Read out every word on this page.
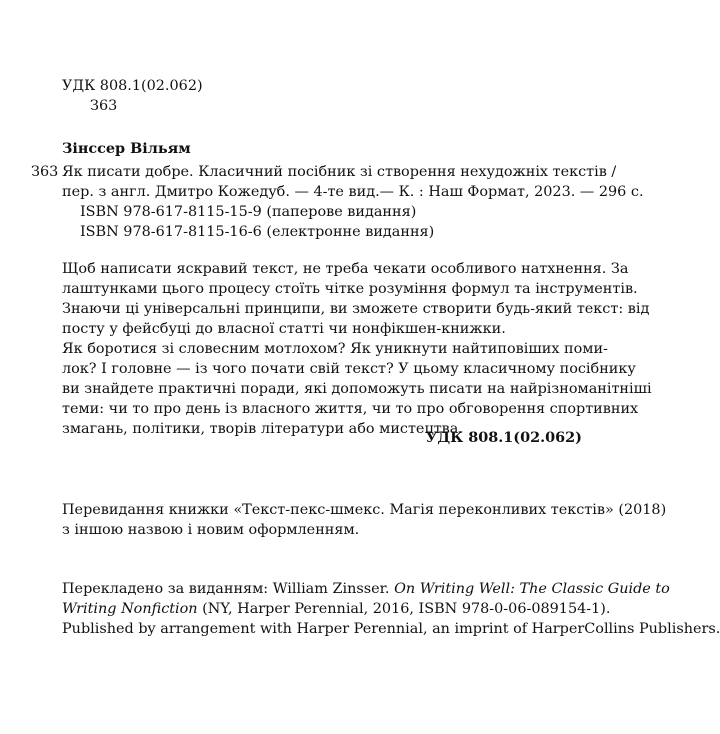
УДК 808.1(02.062)
З63
Зінссер Вільям
З63 Як писати добре. Класичний посібник зі створення нехудожніх текстів /
пер. з англ. Дмитро Кожедуб. — 4-те вид.— К. : Наш Формат, 2023. — 296 с.
ISBN 978-617-8115-15-9 (паперове видання)
ISBN 978-617-8115-16-6 (електронне видання)
Щоб написати яскравий текст, не треба чекати особливого натхнення. За
лаштунками цього процесу стоїть чітке розуміння формул та інструментів.
Знаючи ці універсальні принципи, ви зможете створити будь-який текст: від
посту у фейсбуці до власної статті чи нонфікшен-книжки.
Як боротися зі словесним мотлохом? Як уникнути найтиповіших поми-
лок? І головне — із чого почати свій текст? У цьому класичному посібнику
ви знайдете практичні поради, які допоможуть писати на найрізноманітніші
теми: чи то про день із власного життя, чи то про обговорення спортивних
змагань, політики, творів літератури або мистецтва.
УДК 808.1(02.062)
Перевидання книжки «Текст-пекс-шмекс. Магія переконливих текстів» (2018)
з іншою назвою і новим оформленням.
Перекладено за виданням: William Zinsser. On Writing Well: The Classic Guide to
Writing Nonfiction (NY, Harper Perennial, 2016, ISBN 978-0-06-089154-1).
Published by arrangement with Harper Perennial, an imprint of HarperCollins Publishers.
